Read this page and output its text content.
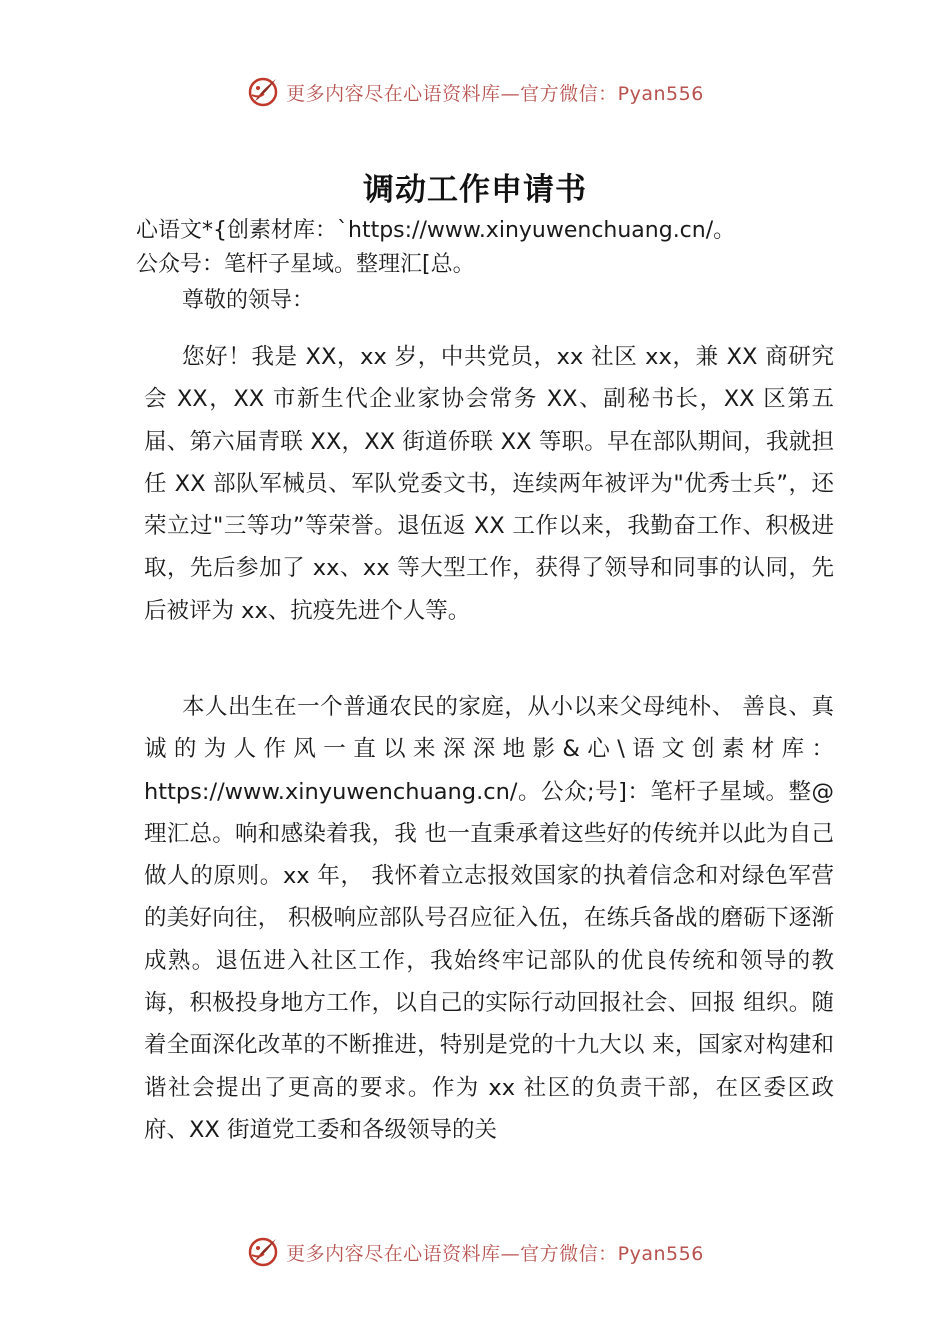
更多内容尽在心语资料库—官方微信：Pyan556
调动工作申请书
心语文*{创素材库：`https://www.xinyuwenchuang.cn/。
公众号：笔杆子星域。整理汇[总。
尊敬的领导：

您好！我是 XX，xx 岁，中共党员，xx 社区 xx，兼 XX 商研究会 XX，XX 市新生代企业家协会常务 XX、副秘书长，XX 区第五届、第六届青联 XX，XX 街道侨联 XX 等职。早在部队期间，我就担任 XX 部队军械员、军队党委文书，连续两年被评为"优秀士兵”，还荣立过"三等功”等荣誉。退伍返 XX 工作以来，我勤奋工作、积极进取，先后参加了 xx、xx 等大型工作，获得了领导和同事的认同，先后被评为 xx、抗疫先进个人等。

本人出生在一个普通农民的家庭，从小以来父母纯朴、 善良、真诚的为人作风一直以来深深地影&心\语文创素材库：https://www.xinyuwenchuang.cn/。公众;号]：笔杆子星域。整@理汇总。响和感染着我，我 也一直秉承着这些好的传统并以此为自己做人的原则。xx 年， 我怀着立志报效国家的执着信念和对绿色军营的美好向往， 积极响应部队号召应征入伍，在练兵备战的磨砺下逐渐成熟。退伍进入社区工作，我始终牢记部队的优良传统和领导的教 诲，积极投身地方工作，以自己的实际行动回报社会、回报 组织。随着全面深化改革的不断推进，特别是党的十九大以 来，国家对构建和谐社会提出了更高的要求。作为 xx 社区的负责干部，在区委区政府、XX 街道党工委和各级领导的关

更多内容尽在心语资料库—官方微信：Pyan556
